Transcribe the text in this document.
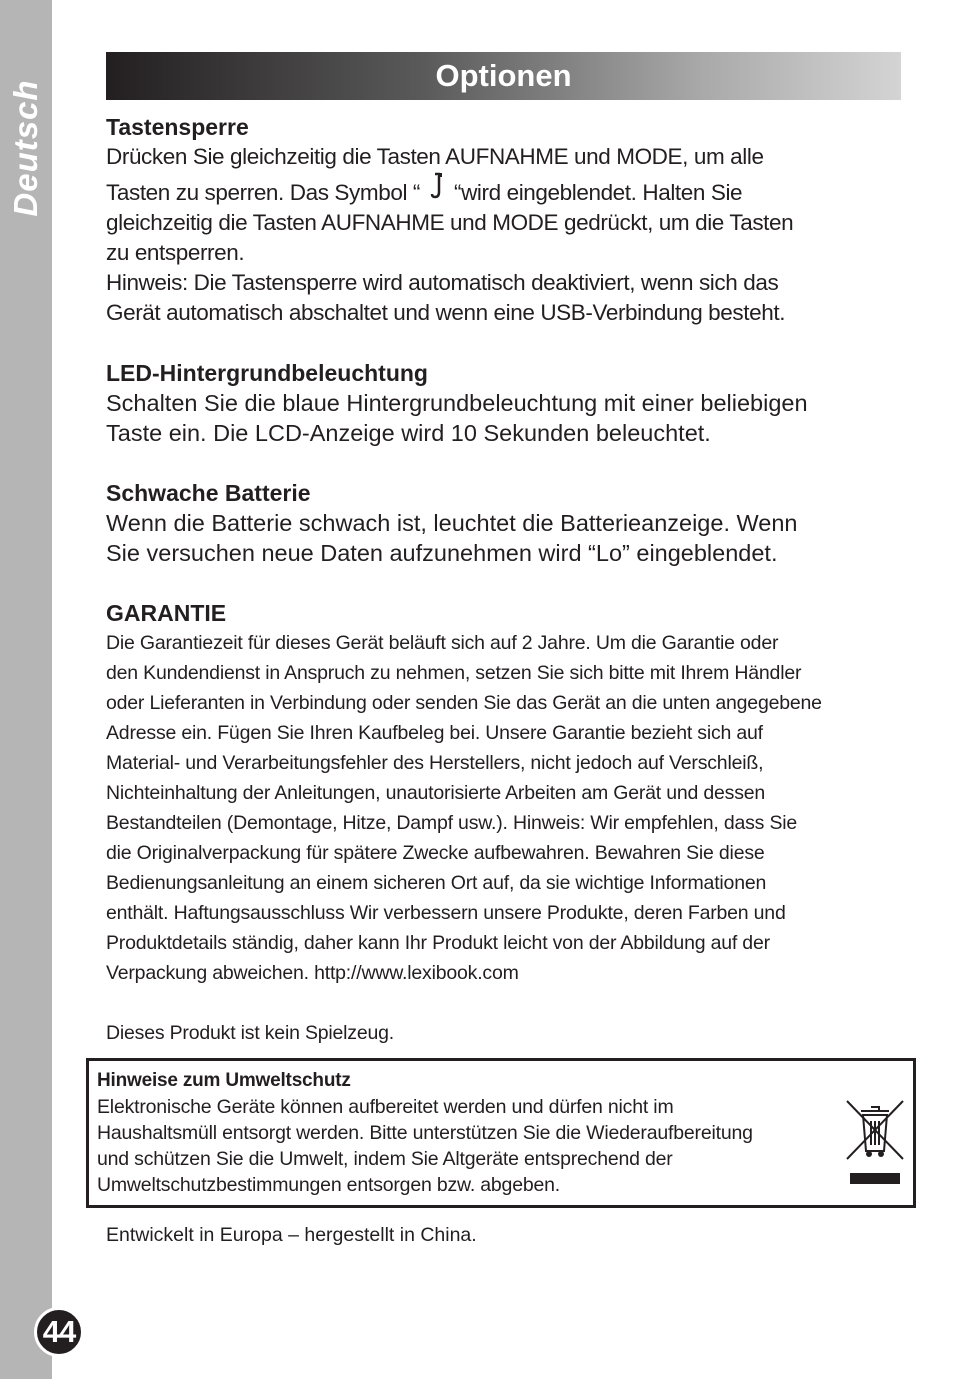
Deutsch
44
Optionen

Tastensperre

Drücken Sie gleichzeitig die Tasten AUFNAHME und MODE, um alle

Tasten zu sperren. Das Symbol “ “wird eingeblendet. Halten Sie

gleichzeitig die Tasten AUFNAHME und MODE gedrückt, um die Tasten

zu entsperren.

Hinweis: Die Tastensperre wird automatisch deaktiviert, wenn sich das

Gerät automatisch abschaltet und wenn eine USB-Verbindung besteht.

LED-Hintergrundbeleuchtung

Schalten Sie die blaue Hintergrundbeleuchtung mit einer beliebigen

Taste ein. Die LCD-Anzeige wird 10 Sekunden beleuchtet.

Schwache Batterie

Wenn die Batterie schwach ist, leuchtet die Batterieanzeige. Wenn

Sie versuchen neue Daten aufzunehmen wird “Lo” eingeblendet.

GARANTIE

Die Garantiezeit für dieses Gerät beläuft sich auf 2 Jahre. Um die Garantie oder

den Kundendienst in Anspruch zu nehmen, setzen Sie sich bitte mit Ihrem Händler

oder Lieferanten in Verbindung oder senden Sie das Gerät an die unten angegebene

Adresse ein. Fügen Sie Ihren Kaufbeleg bei. Unsere Garantie bezieht sich auf

Material- und Verarbeitungsfehler des Herstellers, nicht jedoch auf Verschleiß,

Nichteinhaltung der Anleitungen, unautorisierte Arbeiten am Gerät und dessen

Bestandteilen (Demontage, Hitze, Dampf usw.). Hinweis: Wir empfehlen, dass Sie

die Originalverpackung für spätere Zwecke aufbewahren. Bewahren Sie diese

Bedienungsanleitung an einem sicheren Ort auf, da sie wichtige Informationen

enthält. Haftungsausschluss Wir verbessern unsere Produkte, deren Farben und

Produktdetails ständig, daher kann Ihr Produkt leicht von der Abbildung auf der

Verpackung abweichen. http://www.lexibook.com

Dieses Produkt ist kein Spielzeug.

Hinweise zum Umweltschutz
Elektronische Geräte können aufbereitet werden und dürfen nicht im
Haushaltsmüll entsorgt werden. Bitte unterstützen Sie die Wiederaufbereitung
und schützen Sie die Umwelt, indem Sie Altgeräte entsprechend der
Umweltschutzbestimmungen entsorgen bzw. abgeben.
Entwickelt in Europa – hergestellt in China.
